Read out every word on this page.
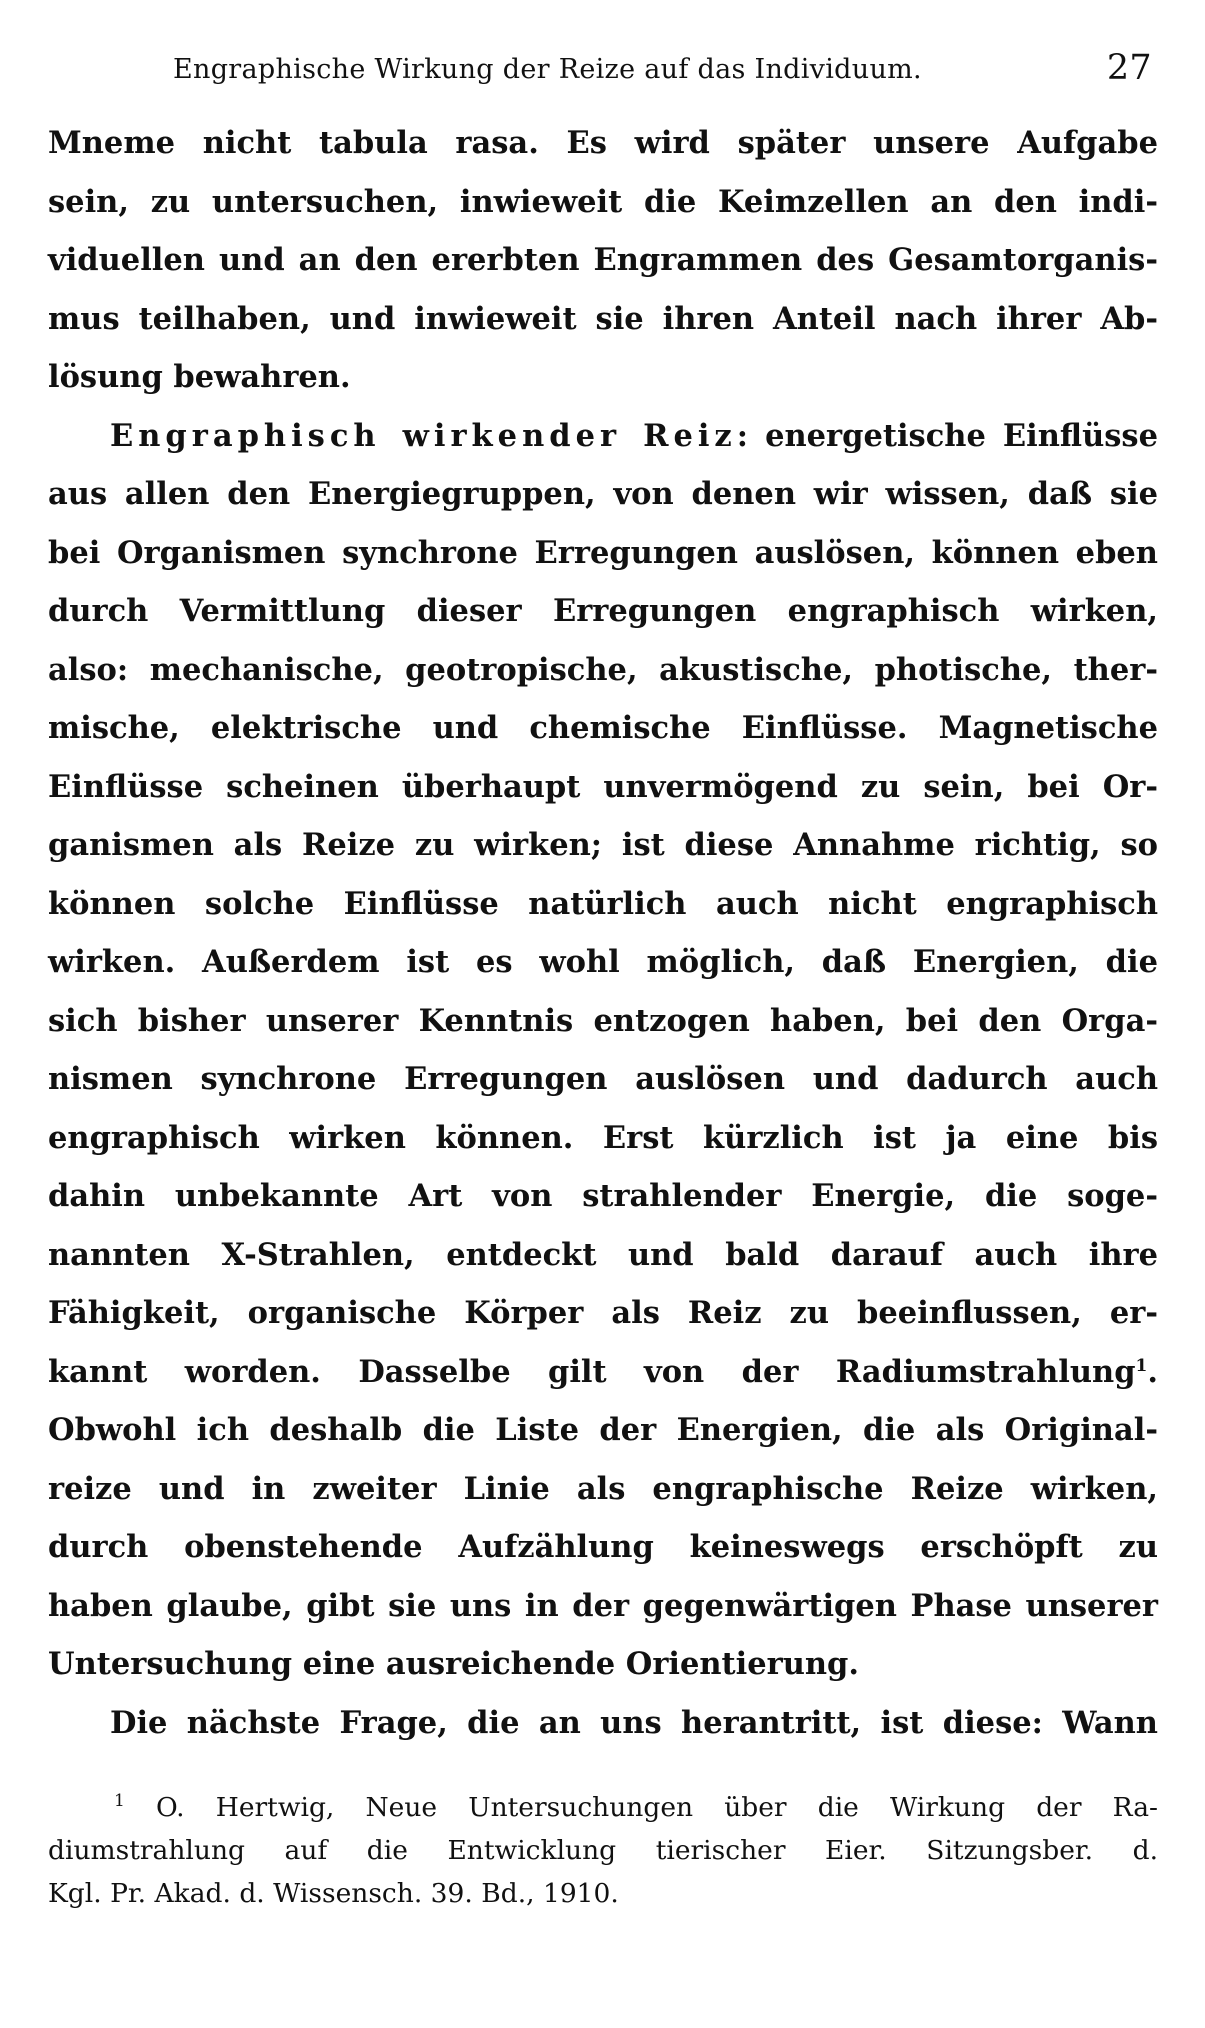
Engraphische Wirkung der Reize auf das Individuum.	27

Mneme nicht tabula rasa. Es wird später unsere Aufgabe
sein, zu untersuchen, inwieweit die Keimzellen an den indi-
viduellen und an den ererbten Engrammen des Gesamtorganis-
mus teilhaben, und inwieweit sie ihren Anteil nach ihrer Ab-
lösung bewahren.

Engraphisch wirkender Reiz: energetische Einflüsse
aus allen den Energiegruppen, von denen wir wissen, daß sie
bei Organismen synchrone Erregungen auslösen, können eben
durch Vermittlung dieser Erregungen engraphisch wirken,
also: mechanische, geotropische, akustische, photische, ther-
mische, elektrische und chemische Einflüsse. Magnetische
Einflüsse scheinen überhaupt unvermögend zu sein, bei Or-
ganismen als Reize zu wirken; ist diese Annahme richtig, so
können solche Einflüsse natürlich auch nicht engraphisch
wirken. Außerdem ist es wohl möglich, daß Energien, die
sich bisher unserer Kenntnis entzogen haben, bei den Orga-
nismen synchrone Erregungen auslösen und dadurch auch
engraphisch wirken können. Erst kürzlich ist ja eine bis
dahin unbekannte Art von strahlender Energie, die soge-
nannten X-Strahlen, entdeckt und bald darauf auch ihre
Fähigkeit, organische Körper als Reiz zu beeinflussen, er-
kannt worden. Dasselbe gilt von der Radiumstrahlung$^1$.
Obwohl ich deshalb die Liste der Energien, die als Original-
reize und in zweiter Linie als engraphische Reize wirken,
durch obenstehende Aufzählung keineswegs erschöpft zu
haben glaube, gibt sie uns in der gegenwärtigen Phase unserer
Untersuchung eine ausreichende Orientierung.

Die nächste Frage, die an uns herantritt, ist diese: Wann

$^1$ O. Hertwig, Neue Untersuchungen über die Wirkung der Ra-
diumstrahlung auf die Entwicklung tierischer Eier. Sitzungsber. d.
Kgl. Pr. Akad. d. Wissensch. 39. Bd., 1910.
